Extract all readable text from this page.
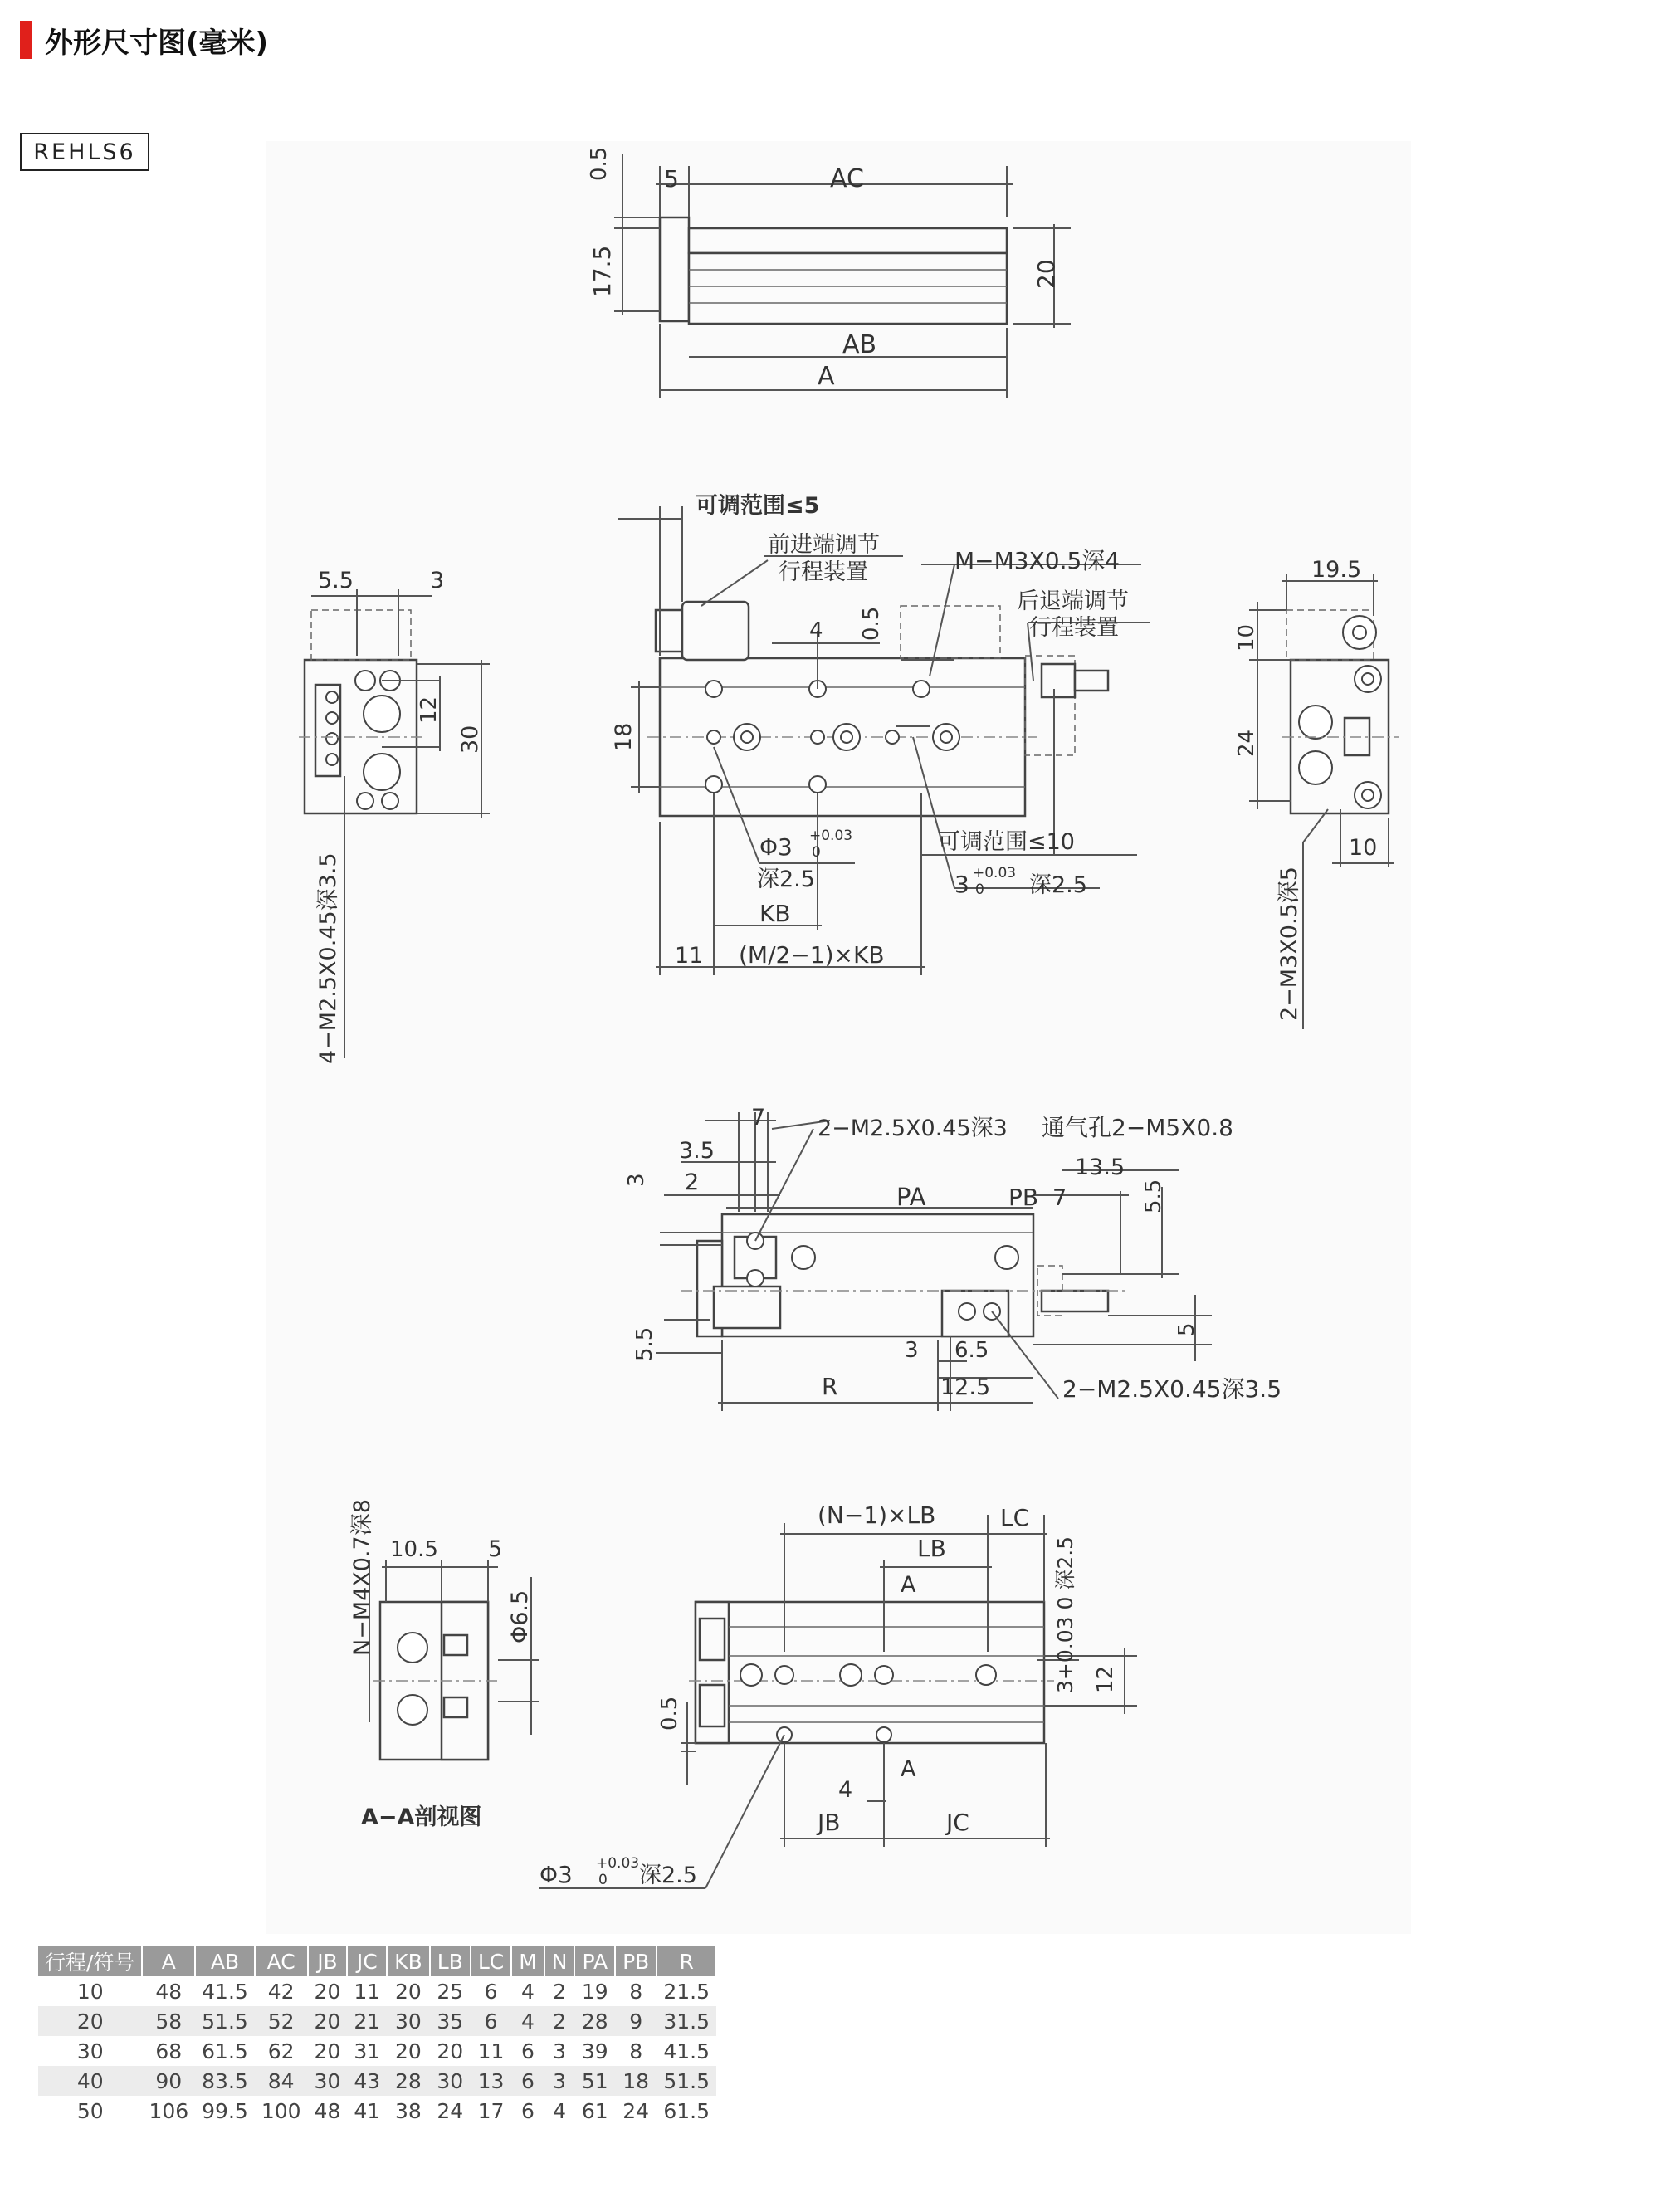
外形尺寸图(毫米)
REHLS6	0.5 5	AC
17.5	20
AB
A
可调范围≤5
前进端调节
行程装置	M−M3X0.5深4
后退端调节
行程装置
4 0.5
18
Φ3 +0.03
0
深2.5
可调范围≤10
3 +0.03
0 深2.5
KB
11 (M/2−1)×KB
5.5	3
12
30
4−M2.5X0.45深3.5
19.5
10
24
10
2−M3X0.5深5
3
7
3.5
2
2−M2.5X0.45深3 通气孔2−M5X0.8
13.5
5.5
PA	PB 7
5
5.5	3 6.5
R	12.5	2−M2.5X0.45深3.5
N−M4X0.7深8 10.5 5
Φ6.5
A−A剖视图
(N−1)×LB	LC
LB
A	3+0.03 0 深2.5 12
0.5
A
4
JB	JC
Φ3 +0.03
0 深2.5
行程/符号	A	AB	AC	JB	JC	KB	LB	LC	M	N	PA	PB	R
10	48	41.5	42	20	11	20	25	6	4	2	19	8	21.5
20	58	51.5	52	20	21	30	35	6	4	2	28	9	31.5
30	68	61.5	62	20	31	20	20	11	6	3	39	8	41.5
40	90	83.5	84	30	43	28	30	13	6	3	51	18	51.5
50	106	99.5	100	48	41	38	24	17	6	4	61	24	61.5
